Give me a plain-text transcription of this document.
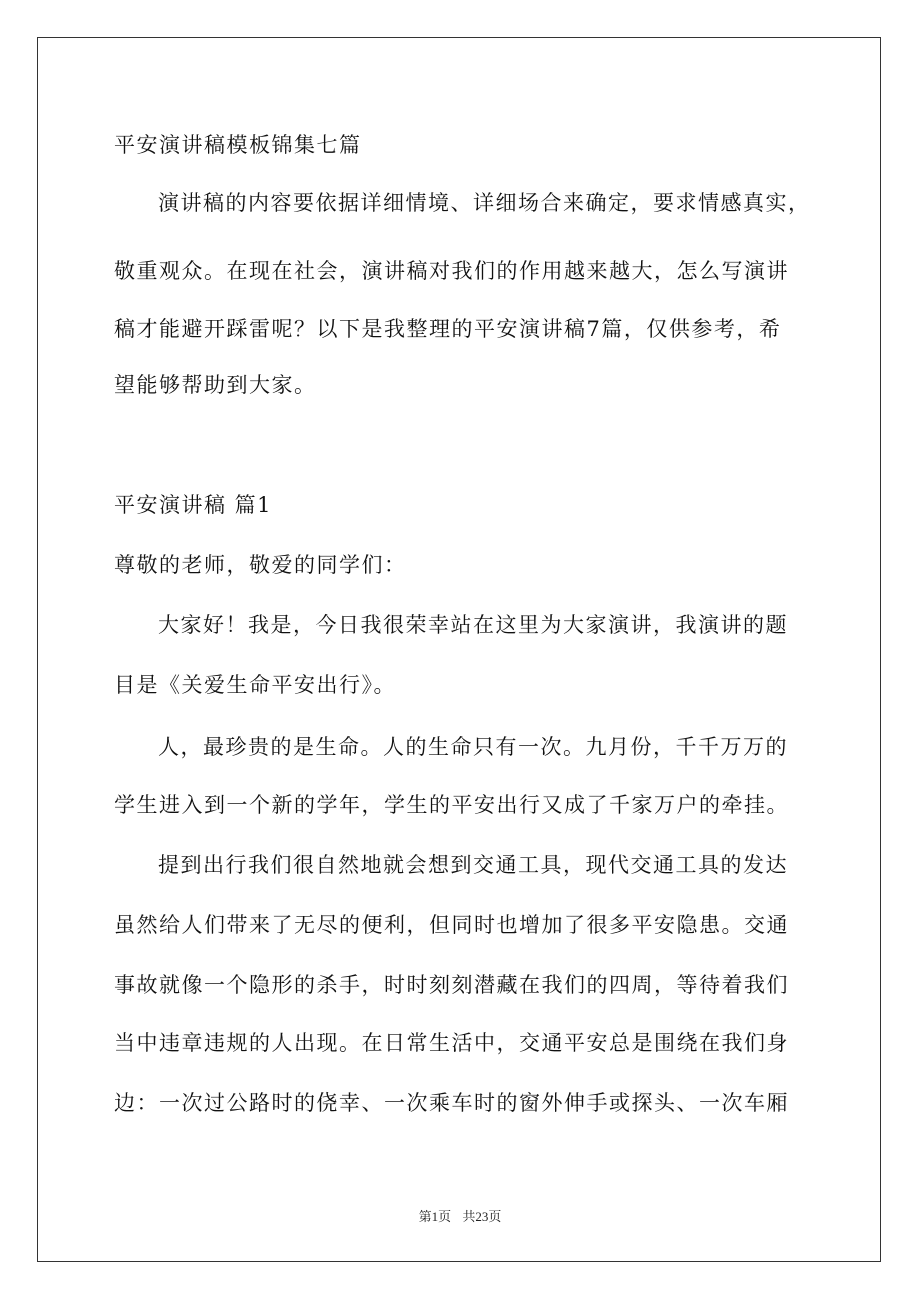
平安演讲稿模板锦集七篇
演讲稿的内容要依据详细情境、详细场合来确定，要求情感真实，
敬重观众。在现在社会，演讲稿对我们的作用越来越大，怎么写演讲
稿才能避开踩雷呢？以下是我整理的平安演讲稿7篇，仅供参考，希
望能够帮助到大家。
平安演讲稿 篇1
尊敬的老师，敬爱的同学们：
大家好！我是，今日我很荣幸站在这里为大家演讲，我演讲的题
目是《关爱生命平安出行》。
人，最珍贵的是生命。人的生命只有一次。九月份，千千万万的
学生进入到一个新的学年，学生的平安出行又成了千家万户的牵挂。
提到出行我们很自然地就会想到交通工具，现代交通工具的发达
虽然给人们带来了无尽的便利，但同时也增加了很多平安隐患。交通
事故就像一个隐形的杀手，时时刻刻潜藏在我们的四周，等待着我们
当中违章违规的人出现。在日常生活中，交通平安总是围绕在我们身
边：一次过公路时的侥幸、一次乘车时的窗外伸手或探头、一次车厢
第1页 共23页
